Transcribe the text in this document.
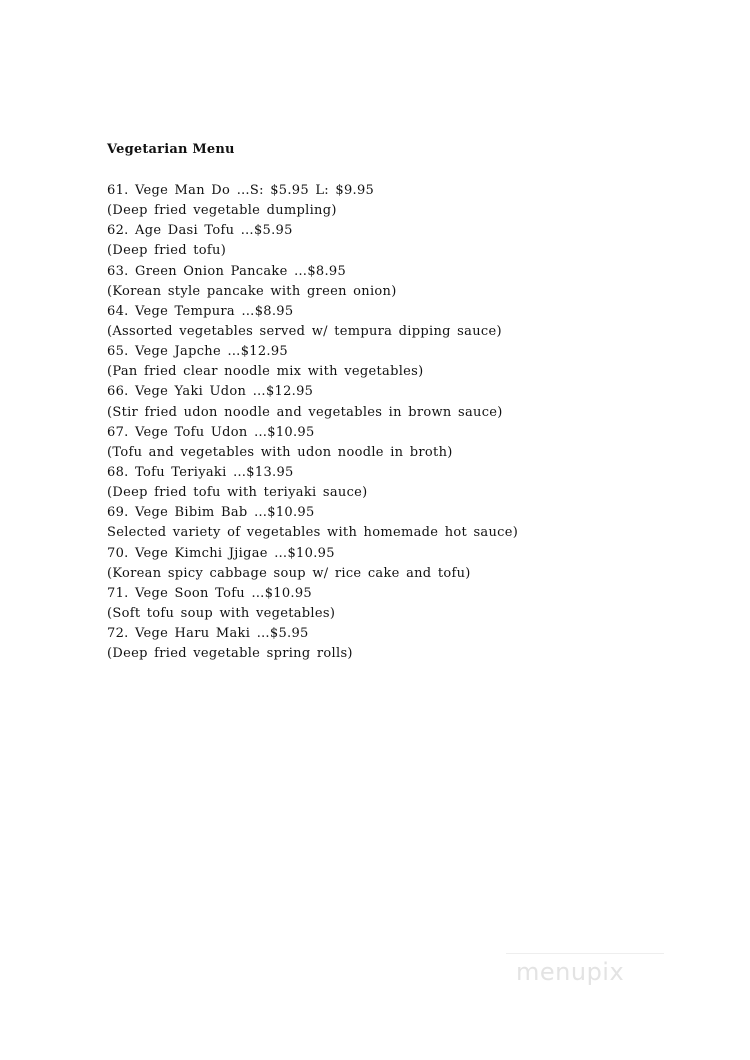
Vegetarian Menu
61. Vege Man Do …S: $5.95 L: $9.95
(Deep fried vegetable dumpling)
62. Age Dasi Tofu …$5.95
(Deep fried tofu)
63. Green Onion Pancake …$8.95
(Korean style pancake with green onion)
64. Vege Tempura …$8.95
(Assorted vegetables served w/ tempura dipping sauce)
65. Vege Japche …$12.95
(Pan fried clear noodle mix with vegetables)
66. Vege Yaki Udon …$12.95
(Stir fried udon noodle and vegetables in brown sauce)
67. Vege Tofu Udon …$10.95
(Tofu and vegetables with udon noodle in broth)
68. Tofu Teriyaki …$13.95
(Deep fried tofu with teriyaki sauce)
69. Vege Bibim Bab …$10.95
Selected variety of vegetables with homemade hot sauce)
70. Vege Kimchi Jjigae …$10.95
(Korean spicy cabbage soup w/ rice cake and tofu)
71. Vege Soon Tofu …$10.95
(Soft tofu soup with vegetables)
72. Vege Haru Maki …$5.95
(Deep fried vegetable spring rolls)
menupix
